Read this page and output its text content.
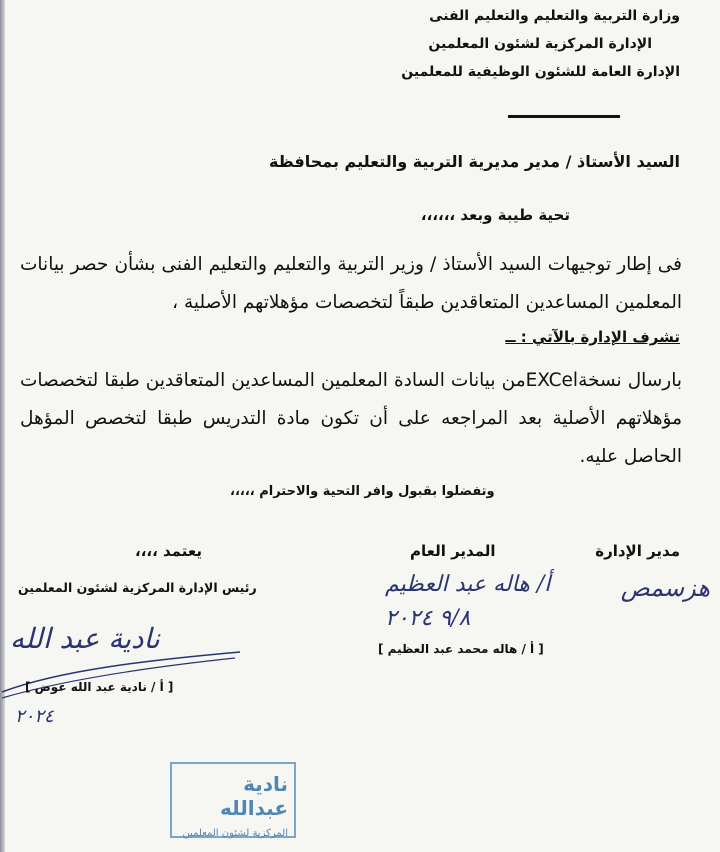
وزارة التربية والتعليم والتعليم الفنى
الإدارة المركزية لشئون المعلمين
الإدارة العامة للشئون الوظيفية للمعلمين
السيد الأستاذ / مدير مديرية التربية والتعليم بمحافظة
تحية طيبة وبعد ،،،،،،
فى إطار توجيهات السيد الأستاذ / وزير التربية والتعليم والتعليم الفنى بشأن حصر بيانات المعلمين المساعدين المتعاقدين طبقاً لتخصصات مؤهلاتهم الأصلية ،
تشرف الإدارة بالآتي : ــ
بارسال نسخةEXCelمن بيانات السادة المعلمين المساعدين المتعاقدين طبقا لتخصصات مؤهلاتهم الأصلية بعد المراجعه على أن تكون مادة التدريس طبقا لتخصص المؤهل الحاصل عليه.
وتفضلوا بقبول وافر التحية والاحترام ،،،،،
مدير الإدارة
هزسمص
المدير العام
أ/ هاله عبد العظيم
٩/٨ ٢٠٢٤
[ أ / هاله محمد عبد العظيم ]
يعتمد ،،،،
رئيس الإدارة المركزية لشئون المعلمين
نادية عبد الله
[ أ / نادية عبد الله عوض ]
٢٠٢٤
نادية عبدالله
المركزية لشئون المعلمين
